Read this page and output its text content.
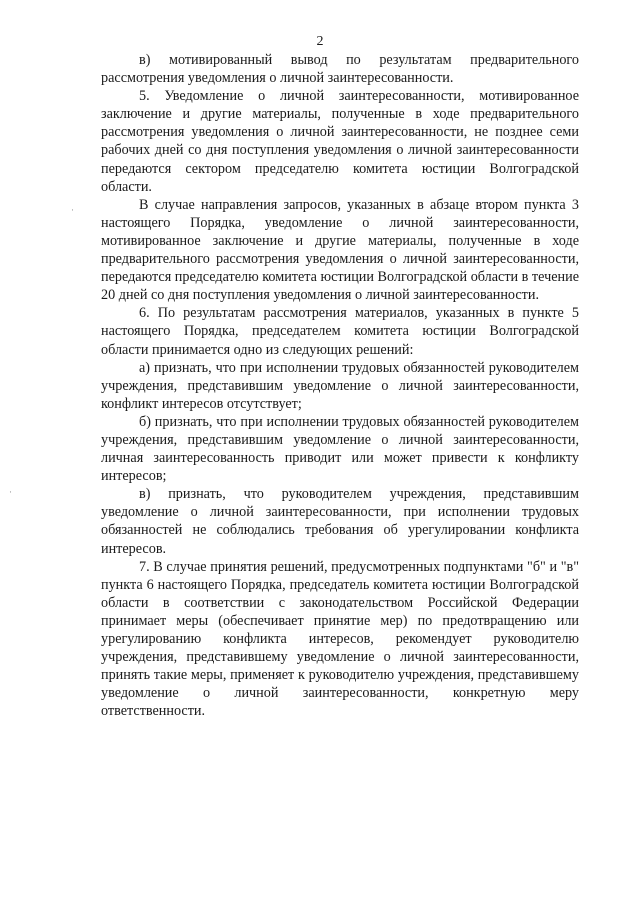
2
·
·

в) мотивированный вывод по результатам предварительного рассмотрения уведомления о личной заинтересованности.

5. Уведомление о личной заинтересованности, мотивированное заключение и другие материалы, полученные в ходе предварительного рассмотрения уведомления о личной заинтересованности, не позднее семи рабочих дней со дня поступления уведомления о личной заинтересованности передаются сектором председателю комитета юстиции Волгоградской области.

В случае направления запросов, указанных в абзаце втором пункта 3 настоящего Порядка, уведомление о личной заинтересованности, мотивированное заключение и другие материалы, полученные в ходе предварительного рассмотрения уведомления о личной заинтересованности, передаются председателю комитета юстиции Волгоградской области в течение 20 дней со дня поступления уведомления о личной заинтересованности.

6. По результатам рассмотрения материалов, указанных в пункте 5 настоящего Порядка, председателем комитета юстиции Волгоградской области принимается одно из следующих решений:

а) признать, что при исполнении трудовых обязанностей руководителем учреждения, представившим уведомление о личной заинтересованности, конфликт интересов отсутствует;

б) признать, что при исполнении трудовых обязанностей руководителем учреждения, представившим уведомление о личной заинтересованности, личная заинтересованность приводит или может привести к конфликту интересов;

в) признать, что руководителем учреждения, представившим уведомление о личной заинтересованности, при исполнении трудовых обязанностей не соблюдались требования об урегулировании конфликта интересов.

7. В случае принятия решений, предусмотренных подпунктами "б" и "в" пункта 6 настоящего Порядка, председатель комитета юстиции Волгоградской области в соответствии с законодательством Российской Федерации принимает меры (обеспечивает принятие мер) по предотвращению или урегулированию конфликта интересов, рекомендует руководителю учреждения, представившему уведомление о личной заинтересованности, принять такие меры, применяет к руководителю учреждения, представившему уведомление о личной заинтересованности, конкретную меру ответственности.
